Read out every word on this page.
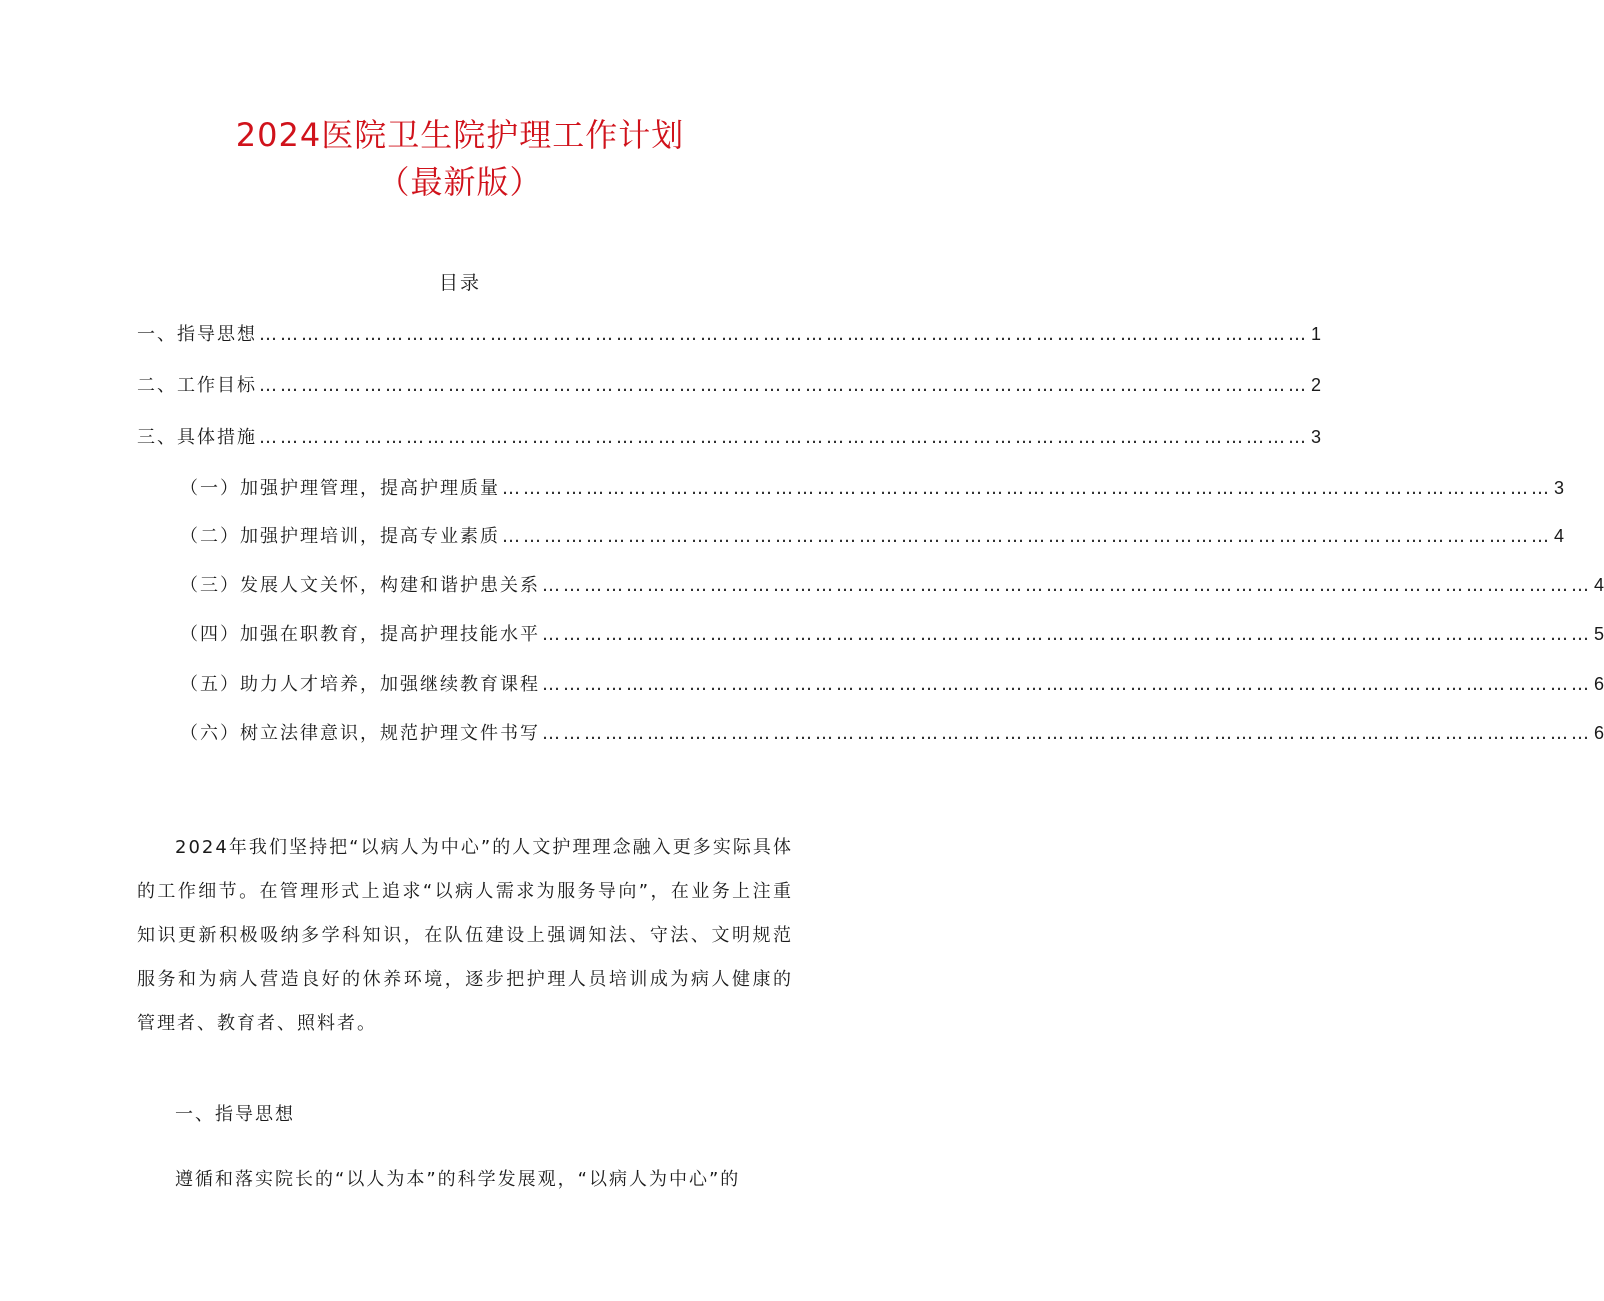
2024医院卫生院护理工作计划
（最新版）
目录
一、指导思想 …………………………………………………………………………………………………………………………………… 1
二、工作目标 …………………………………………………………………………………………………………………………………… 2
三、具体措施 …………………………………………………………………………………………………………………………………… 3
（一）加强护理管理，提高护理质量 …………………………………………………………………………………………………………………………………… 3
（二）加强护理培训，提高专业素质 …………………………………………………………………………………………………………………………………… 4
（三）发展人文关怀，构建和谐护患关系 …………………………………………………………………………………………………………………………………… 4
（四）加强在职教育，提高护理技能水平 …………………………………………………………………………………………………………………………………… 5
（五）助力人才培养，加强继续教育课程 …………………………………………………………………………………………………………………………………… 6
（六）树立法律意识，规范护理文件书写 …………………………………………………………………………………………………………………………………… 6

2024年我们坚持把“以病人为中心”的人文护理理念融入更多实际具体的工作细节。在管理形式上追求“以病人需求为服务导向”，在业务上注重知识更新积极吸纳多学科知识，在队伍建设上强调知法、守法、文明规范服务和为病人营造良好的休养环境，逐步把护理人员培训成为病人健康的管理者、教育者、照料者。

一、指导思想

遵循和落实院长的“以人为本”的科学发展观，“以病人为中心”的
